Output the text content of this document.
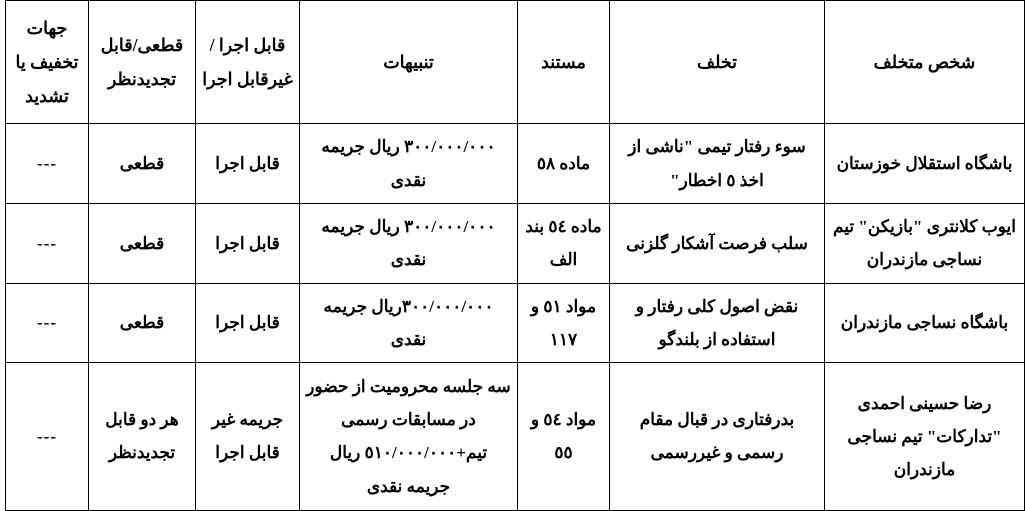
شخص متخلف	تخلف	مستند	تنبیهات	قابل اجرا /غیرقابل اجرا	قطعی/قابل تجدیدنظر	جهات تخفیف یا تشدید
باشگاه استقلال خوزستان	سوء رفتار تیمی "ناشی از اخذ ٥ اخطار"	ماده ٥٨	٣٠٠/٠٠٠/٠٠٠ ریال جریمه نقدی	قابل اجرا	قطعی	---
ایوب کلانتری "بازیکن" تیم نساجی مازندران	سلب فرصت آشکار گلزنی	ماده ٥٤ بند الف	٣٠٠/٠٠٠/٠٠٠ ریال جریمه نقدی	قابل اجرا	قطعی	---
باشگاه نساجی مازندران	نقض اصول کلی رفتار و استفاده از بلندگو	مواد ٥١ و ١١٧	٣٠٠/٠٠٠/٠٠٠ریال جریمه نقدی	قابل اجرا	قطعی	---
رضا حسینی احمدی "تدارکات" تیم نساجی مازندران	بدرفتاری در قبال مقام رسمی و غیررسمی	مواد ٥٤ و ٥٥	سه جلسه محرومیت از حضور در مسابقات رسمی تیم+٥١٠/٠٠٠/٠٠٠ ریال جریمه نقدی	جریمه غیر قابل اجرا	هر دو قابل تجدیدنظر	---
